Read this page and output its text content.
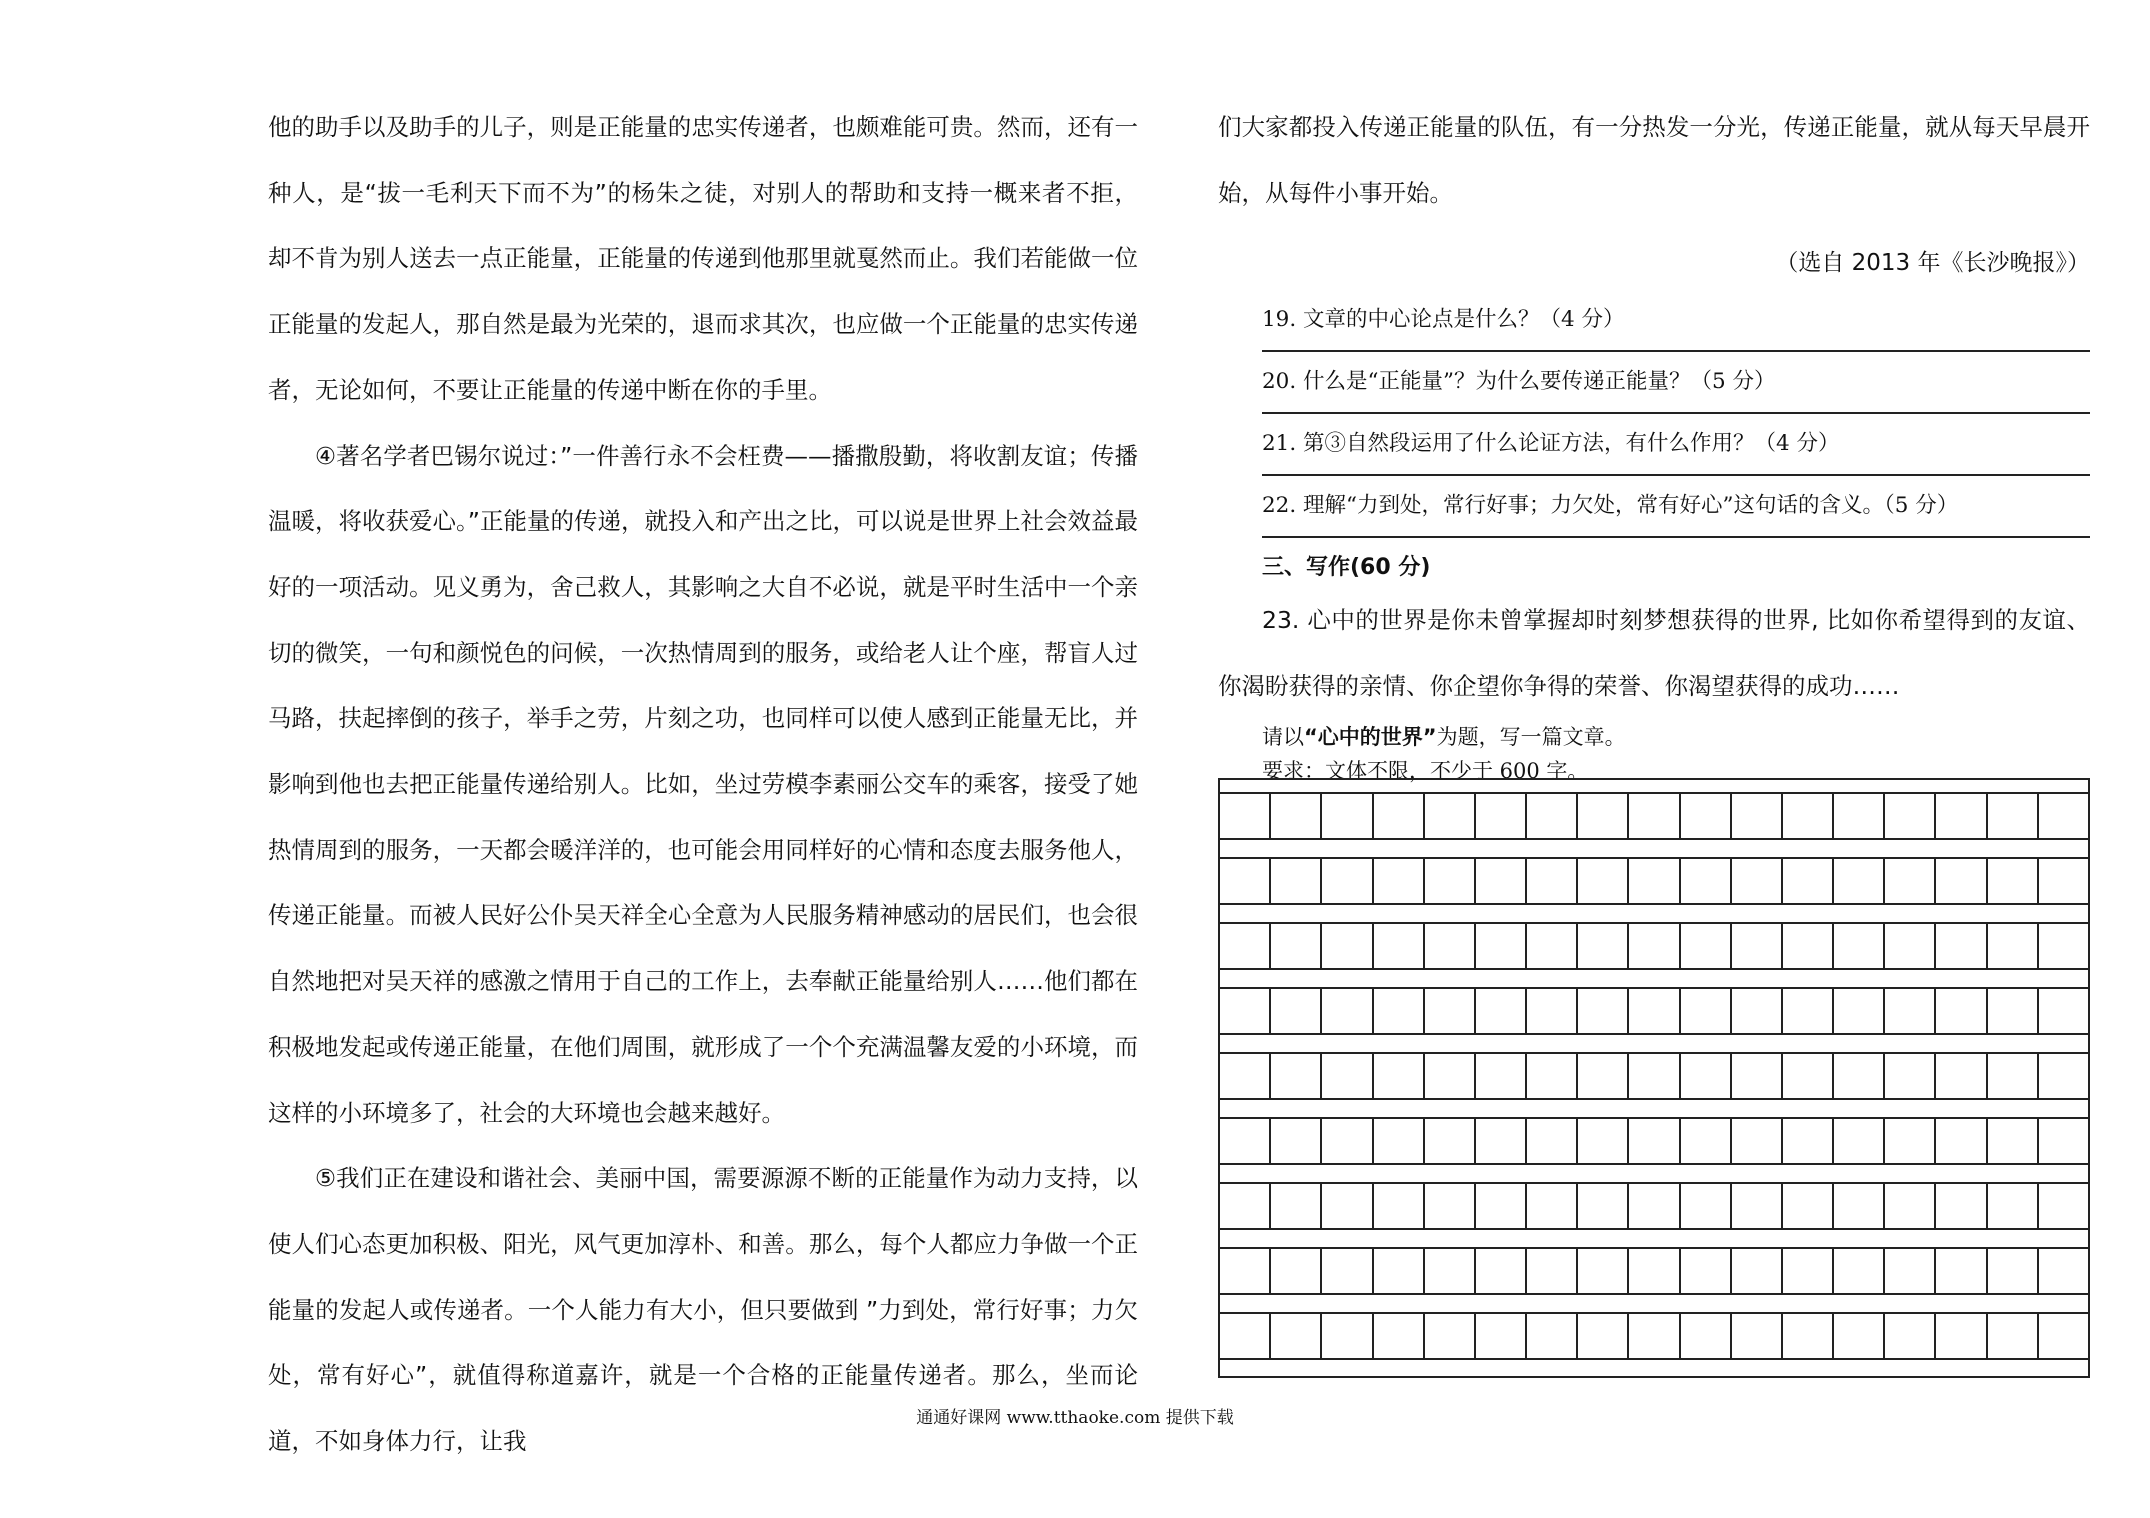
他的助手以及助手的儿子，则是正能量的忠实传递者，也颇难能可贵。然而，还有一种人，是“拔一毛利天下而不为”的杨朱之徒，对别人的帮助和支持一概来者不拒，却不肯为别人送去一点正能量，正能量的传递到他那里就戛然而止。我们若能做一位正能量的发起人，那自然是最为光荣的，退而求其次，也应做一个正能量的忠实传递者，无论如何，不要让正能量的传递中断在你的手里。

④著名学者巴锡尔说过：”一件善行永不会枉费——播撒殷勤，将收割友谊；传播温暖，将收获爱心。”正能量的传递，就投入和产出之比，可以说是世界上社会效益最好的一项活动。见义勇为，舍己救人，其影响之大自不必说，就是平时生活中一个亲切的微笑，一句和颜悦色的问候，一次热情周到的服务，或给老人让个座，帮盲人过马路，扶起摔倒的孩子，举手之劳，片刻之功，也同样可以使人感到正能量无比，并影响到他也去把正能量传递给别人。比如，坐过劳模李素丽公交车的乘客，接受了她热情周到的服务，一天都会暖洋洋的，也可能会用同样好的心情和态度去服务他人，传递正能量。而被人民好公仆吴天祥全心全意为人民服务精神感动的居民们，也会很自然地把对吴天祥的感激之情用于自己的工作上，去奉献正能量给别人……他们都在积极地发起或传递正能量，在他们周围，就形成了一个个充满温馨友爱的小环境，而这样的小环境多了，社会的大环境也会越来越好。

⑤我们正在建设和谐社会、美丽中国，需要源源不断的正能量作为动力支持，以使人们心态更加积极、阳光，风气更加淳朴、和善。那么，每个人都应力争做一个正能量的发起人或传递者。一个人能力有大小，但只要做到 ”力到处，常行好事；力欠处，常有好心”，就值得称道嘉许，就是一个合格的正能量传递者。那么，坐而论道，不如身体力行，让我

们大家都投入传递正能量的队伍，有一分热发一分光，传递正能量，就从每天早晨开始，从每件小事开始。

（选自 2013 年《长沙晚报》）
19. 文章的中心论点是什么？（4 分）
20. 什么是“正能量”？为什么要传递正能量？（5 分）
21. 第③自然段运用了什么论证方法，有什么作用？（4 分）
22. 理解“力到处，常行好事；力欠处，常有好心”这句话的含义。（5 分）
三、写作(60 分)

23. 心中的世界是你未曾掌握却时刻梦想获得的世界, 比如你希望得到的友谊、你渴盼获得的亲情、你企望你争得的荣誉、你渴望获得的成功……

请以“心中的世界”为题，写一篇文章。
要求：文体不限，不少于 600 字。
通通好课网 www.tthaoke.com 提供下载
